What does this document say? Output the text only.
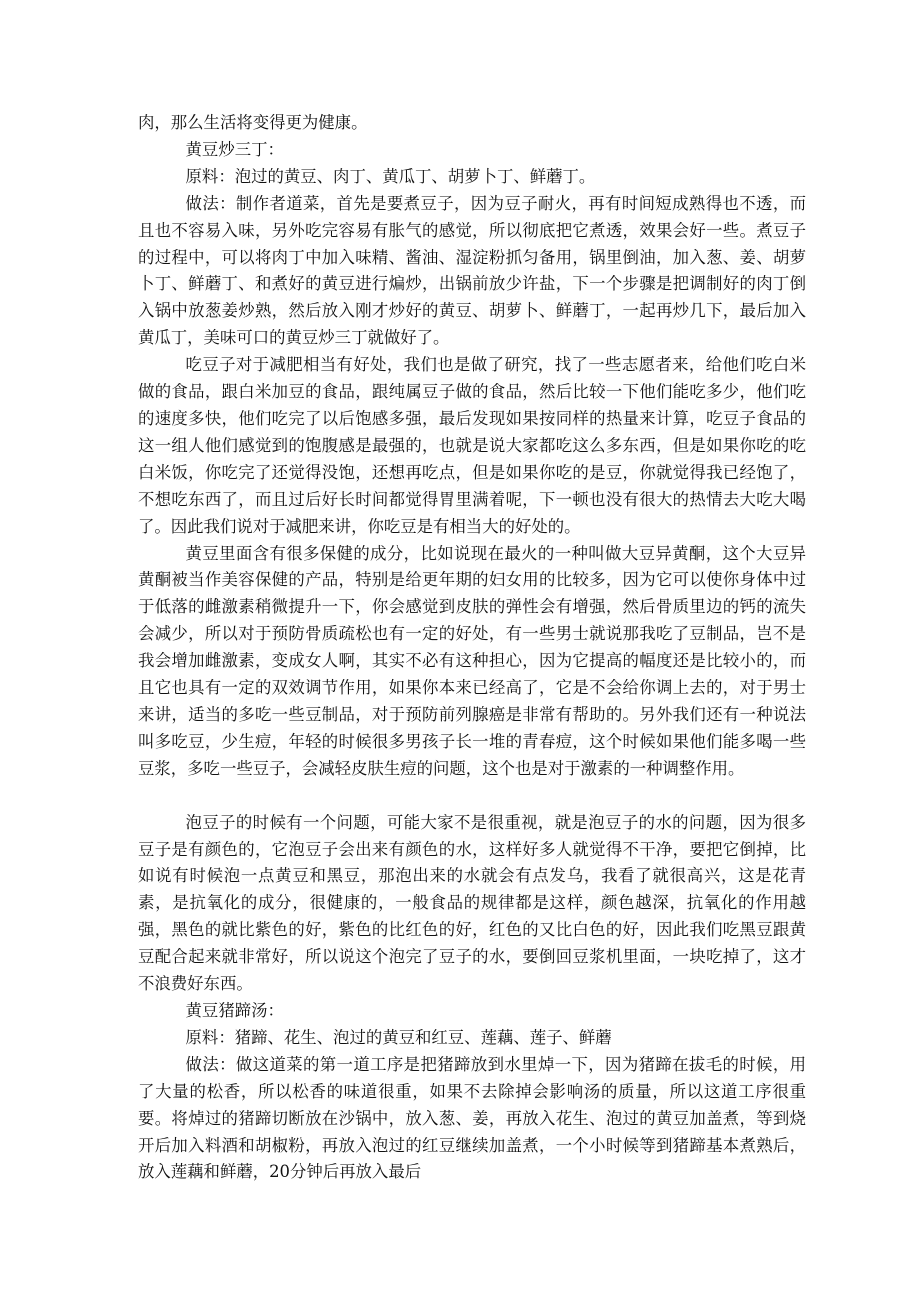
肉，那么生活将变得更为健康。

黄豆炒三丁：

原料：泡过的黄豆、肉丁、黄瓜丁、胡萝卜丁、鲜蘑丁。

做法：制作者道菜，首先是要煮豆子，因为豆子耐火，再有时间短成熟得也不透，而且也不容易入味，另外吃完容易有胀气的感觉，所以彻底把它煮透，效果会好一些。煮豆子的过程中，可以将肉丁中加入味精、酱油、湿淀粉抓匀备用，锅里倒油，加入葱、姜、胡萝卜丁、鲜蘑丁、和煮好的黄豆进行煸炒，出锅前放少许盐，下一个步骤是把调制好的肉丁倒入锅中放葱姜炒熟，然后放入刚才炒好的黄豆、胡萝卜、鲜蘑丁，一起再炒几下，最后加入黄瓜丁，美味可口的黄豆炒三丁就做好了。

吃豆子对于减肥相当有好处，我们也是做了研究，找了一些志愿者来，给他们吃白米做的食品，跟白米加豆的食品，跟纯属豆子做的食品，然后比较一下他们能吃多少，他们吃的速度多快，他们吃完了以后饱感多强，最后发现如果按同样的热量来计算，吃豆子食品的这一组人他们感觉到的饱腹感是最强的，也就是说大家都吃这么多东西，但是如果你吃的吃白米饭，你吃完了还觉得没饱，还想再吃点，但是如果你吃的是豆，你就觉得我已经饱了，不想吃东西了，而且过后好长时间都觉得胃里满着呢，下一顿也没有很大的热情去大吃大喝了。因此我们说对于减肥来讲，你吃豆是有相当大的好处的。

黄豆里面含有很多保健的成分，比如说现在最火的一种叫做大豆异黄酮，这个大豆异黄酮被当作美容保健的产品，特别是给更年期的妇女用的比较多，因为它可以使你身体中过于低落的雌激素稍微提升一下，你会感觉到皮肤的弹性会有增强，然后骨质里边的钙的流失会减少，所以对于预防骨质疏松也有一定的好处，有一些男士就说那我吃了豆制品，岂不是我会增加雌激素，变成女人啊，其实不必有这种担心，因为它提高的幅度还是比较小的，而且它也具有一定的双效调节作用，如果你本来已经高了，它是不会给你调上去的，对于男士来讲，适当的多吃一些豆制品，对于预防前列腺癌是非常有帮助的。另外我们还有一种说法叫多吃豆，少生痘，年轻的时候很多男孩子长一堆的青春痘，这个时候如果他们能多喝一些豆浆，多吃一些豆子，会减轻皮肤生痘的问题，这个也是对于激素的一种调整作用。

泡豆子的时候有一个问题，可能大家不是很重视，就是泡豆子的水的问题，因为很多豆子是有颜色的，它泡豆子会出来有颜色的水，这样好多人就觉得不干净，要把它倒掉，比如说有时候泡一点黄豆和黑豆，那泡出来的水就会有点发乌，我看了就很高兴，这是花青素，是抗氧化的成分，很健康的，一般食品的规律都是这样，颜色越深，抗氧化的作用越强，黑色的就比紫色的好，紫色的比红色的好，红色的又比白色的好，因此我们吃黑豆跟黄豆配合起来就非常好，所以说这个泡完了豆子的水，要倒回豆浆机里面，一块吃掉了，这才不浪费好东西。

黄豆猪蹄汤：

原料：猪蹄、花生、泡过的黄豆和红豆、莲藕、莲子、鲜蘑

做法：做这道菜的第一道工序是把猪蹄放到水里焯一下，因为猪蹄在拔毛的时候，用了大量的松香，所以松香的味道很重，如果不去除掉会影响汤的质量，所以这道工序很重要。将焯过的猪蹄切断放在沙锅中，放入葱、姜，再放入花生、泡过的黄豆加盖煮，等到烧开后加入料酒和胡椒粉，再放入泡过的红豆继续加盖煮，一个小时候等到猪蹄基本煮熟后，放入莲藕和鲜蘑，20分钟后再放入最后
